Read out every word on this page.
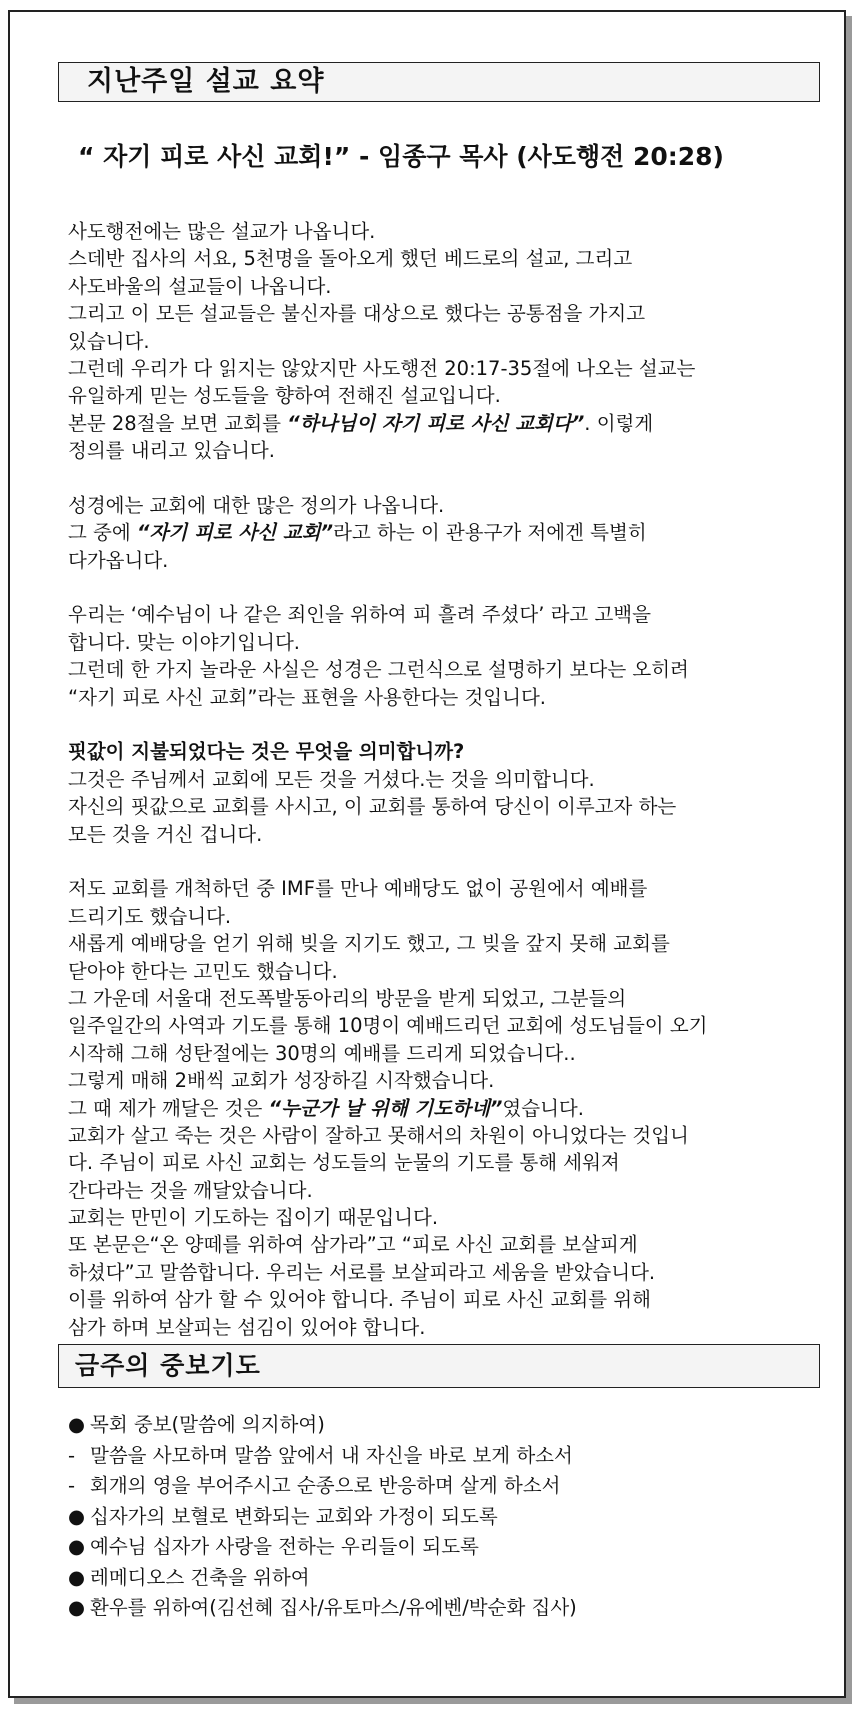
지난주일 설교 요약
“ 자기 피로 사신 교회!” - 임종구 목사 (사도행전 20:28)
사도행전에는 많은 설교가 나옵니다.
스데반 집사의 서요, 5천명을 돌아오게 했던 베드로의 설교, 그리고
사도바울의 설교들이 나옵니다.
그리고 이 모든 설교들은 불신자를 대상으로 했다는 공통점을 가지고
있습니다.
그런데 우리가 다 읽지는 않았지만 사도행전 20:17-35절에 나오는 설교는
유일하게 믿는 성도들을 향하여 전해진 설교입니다.
본문 28절을 보면 교회를 “하나님이 자기 피로 사신 교회다”. 이렇게
정의를 내리고 있습니다.
성경에는 교회에 대한 많은 정의가 나옵니다.
그 중에 “자기 피로 사신 교회”라고 하는 이 관용구가 저에겐 특별히
다가옵니다.
우리는 ‘예수님이 나 같은 죄인을 위하여 피 흘려 주셨다’ 라고 고백을
합니다. 맞는 이야기입니다.
그런데 한 가지 놀라운 사실은 성경은 그런식으로 설명하기 보다는 오히려
“자기 피로 사신 교회”라는 표현을 사용한다는 것입니다.
핏값이 지불되었다는 것은 무엇을 의미합니까?
그것은 주님께서 교회에 모든 것을 거셨다.는 것을 의미합니다.
자신의 핏값으로 교회를 사시고, 이 교회를 통하여 당신이 이루고자 하는
모든 것을 거신 겁니다.
저도 교회를 개척하던 중 IMF를 만나 예배당도 없이 공원에서 예배를
드리기도 했습니다.
새롭게 예배당을 얻기 위해 빚을 지기도 했고, 그 빚을 갚지 못해 교회를
닫아야 한다는 고민도 했습니다.
그 가운데 서울대 전도폭발동아리의 방문을 받게 되었고, 그분들의
일주일간의 사역과 기도를 통해 10명이 예배드리던 교회에 성도님들이 오기
시작해 그해 성탄절에는 30명의 예배를 드리게 되었습니다..
그렇게 매해 2배씩 교회가 성장하길 시작했습니다.
그 때 제가 깨달은 것은 “누군가 날 위해 기도하네”였습니다.
교회가 살고 죽는 것은 사람이 잘하고 못해서의 차원이 아니었다는 것입니
다. 주님이 피로 사신 교회는 성도들의 눈물의 기도를 통해 세워져
간다라는 것을 깨달았습니다.
교회는 만민이 기도하는 집이기 때문입니다.
또 본문은“온 양떼를 위하여 삼가라”고 “피로 사신 교회를 보살피게
하셨다”고 말씀합니다. 우리는 서로를 보살피라고 세움을 받았습니다.
이를 위하여 삼가 할 수 있어야 합니다. 주님이 피로 사신 교회를 위해
삼가 하며 보살피는 섬김이 있어야 합니다.
금주의 중보기도
● 목회 중보(말씀에 의지하여)
- 말씀을 사모하며 말씀 앞에서 내 자신을 바로 보게 하소서
- 회개의 영을 부어주시고 순종으로 반응하며 살게 하소서
● 십자가의 보혈로 변화되는 교회와 가정이 되도록
● 예수님 십자가 사랑을 전하는 우리들이 되도록
● 레메디오스 건축을 위하여
● 환우를 위하여(김선혜 집사/유토마스/유에벤/박순화 집사)
